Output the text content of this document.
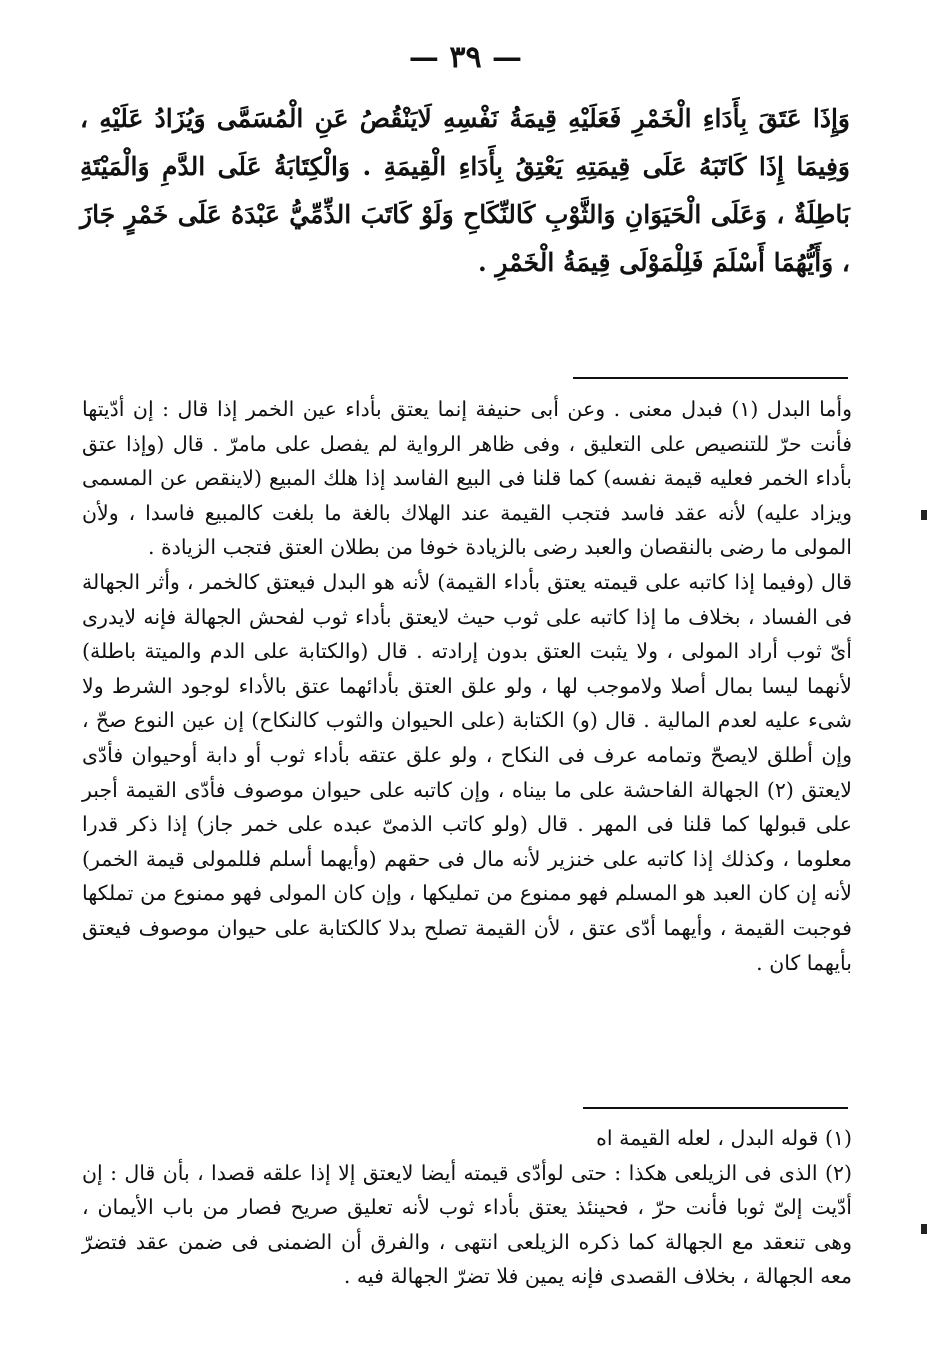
— ٣٩ —
وَإِذَا عَتَقَ بِأَدَاءِ الْخَمْرِ فَعَلَيْهِ قِيمَةُ نَفْسِهِ لَايَنْقُصُ عَنِ الْمُسَمَّى وَيُزَادُ عَلَيْهِ ، وَفِيمَا إِذَا كَاتَبَهُ عَلَى قِيمَتِهِ يَعْتِقُ بِأَدَاءِ الْقِيمَةِ . وَالْكِتَابَةُ عَلَى الدَّمِ وَالْمَيْتَةِ بَاطِلَةٌ ، وَعَلَى الْحَيَوَانِ وَالثَّوْبِ كَالنِّكَاحِ وَلَوْ كَاتَبَ الذِّمِّيُّ عَبْدَهُ عَلَى خَمْرٍ جَازَ ، وَأَيُّهُمَا أَسْلَمَ فَلِلْمَوْلَى قِيمَةُ الْخَمْرِ .

وأما البدل (١) فبدل معنى . وعن أبى حنيفة إنما يعتق بأداء عين الخمر إذا قال : إن أدّيتها فأنت حرّ للتنصيص على التعليق ، وفى ظاهر الرواية لم يفصل على مامرّ . قال (وإذا عتق بأداء الخمر فعليه قيمة نفسه) كما قلنا فى البيع الفاسد إذا هلك المبيع (لاينقص عن المسمى ويزاد عليه) لأنه عقد فاسد فتجب القيمة عند الهلاك بالغة ما بلغت كالمبيع فاسدا ، ولأن المولى ما رضى بالنقصان والعبد رضى بالزيادة خوفا من بطلان العتق فتجب الزيادة .

قال (وفيما إذا كاتبه على قيمته يعتق بأداء القيمة) لأنه هو البدل فيعتق كالخمر ، وأثر الجهالة فى الفساد ، بخلاف ما إذا كاتبه على ثوب حيث لايعتق بأداء ثوب لفحش الجهالة فإنه لايدرى أىّ ثوب أراد المولى ، ولا يثبت العتق بدون إرادته . قال (والكتابة على الدم والميتة باطلة) لأنهما ليسا بمال أصلا ولاموجب لها ، ولو علق العتق بأدائهما عتق بالأداء لوجود الشرط ولا شىء عليه لعدم المالية . قال (و) الكتابة (على الحيوان والثوب كالنكاح) إن عين النوع صحّ ، وإن أطلق لايصحّ وتمامه عرف فى النكاح ، ولو علق عتقه بأداء ثوب أو دابة أوحيوان فأدّى لايعتق (٢) الجهالة الفاحشة على ما بيناه ، وإن كاتبه على حيوان موصوف فأدّى القيمة أجبر على قبولها كما قلنا فى المهر . قال (ولو كاتب الذمىّ عبده على خمر جاز) إذا ذكر قدرا معلوما ، وكذلك إذا كاتبه على خنزير لأنه مال فى حقهم (وأيهما أسلم فللمولى قيمة الخمر) لأنه إن كان العبد هو المسلم فهو ممنوع من تمليكها ، وإن كان المولى فهو ممنوع من تملكها فوجبت القيمة ، وأيهما أدّى عتق ، لأن القيمة تصلح بدلا كالكتابة على حيوان موصوف فيعتق بأيهما كان .

(١) قوله البدل ، لعله القيمة اه

(٢) الذى فى الزيلعى هكذا : حتى لوأدّى قيمته أيضا لايعتق إلا إذا علقه قصدا ، بأن قال : إن أدّيت إلىّ ثوبا فأنت حرّ ، فحينئذ يعتق بأداء ثوب لأنه تعليق صريح فصار من باب الأيمان ، وهى تنعقد مع الجهالة كما ذكره الزيلعى انتهى ، والفرق أن الضمنى فى ضمن عقد فتضرّ معه الجهالة ، بخلاف القصدى فإنه يمين فلا تضرّ الجهالة فيه .
